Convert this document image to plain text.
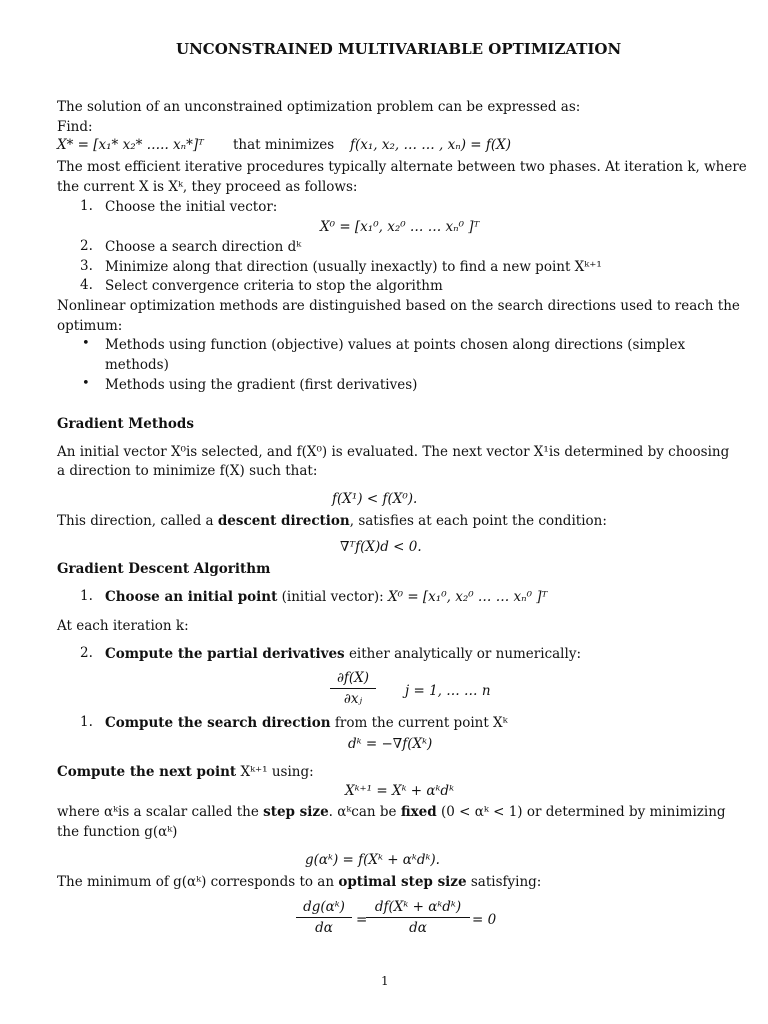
UNCONSTRAINED MULTIVARIABLE OPTIMIZATION
The solution of an unconstrained optimization problem can be expressed as:
Find:
X* = [x₁* x₂* ….. xₙ*]ᵀ that minimizes f(x₁, x₂, … … , xₙ) = f(X)
The most efficient iterative procedures typically alternate between two phases. At iteration k, where
the current X is Xᵏ, they proceed as follows:
1. Choose the initial vector:
X⁰ = [x₁⁰, x₂⁰ … … xₙ⁰ ]ᵀ
2. Choose a search direction dᵏ
3. Minimize along that direction (usually inexactly) to find a new point Xᵏ⁺¹
4. Select convergence criteria to stop the algorithm
Nonlinear optimization methods are distinguished based on the search directions used to reach the
optimum:
• Methods using function (objective) values at points chosen along directions (simplex
methods)
• Methods using the gradient (first derivatives)
Gradient Methods
An initial vector X⁰is selected, and f(X⁰) is evaluated. The next vector X¹is determined by choosing
a direction to minimize f(X) such that:
f(X¹) < f(X⁰).
This direction, called a descent direction, satisfies at each point the condition:
∇ᵀf(X)d < 0.
Gradient Descent Algorithm
1. Choose an initial point (initial vector): X⁰ = [x₁⁰, x₂⁰ … … xₙ⁰ ]ᵀ
At each iteration k:
2. Compute the partial derivatives either analytically or numerically:
∂f(X)
∂xⱼ	j = 1, … … n
1. Compute the search direction from the current point Xᵏ
dᵏ = −∇f(Xᵏ)
Compute the next point Xᵏ⁺¹ using:
Xᵏ⁺¹ = Xᵏ + αᵏdᵏ
where αᵏis a scalar called the step size. αᵏcan be fixed (0 < αᵏ < 1) or determined by minimizing
the function g(αᵏ)
g(αᵏ) = f(Xᵏ + αᵏdᵏ).
The minimum of g(αᵏ) corresponds to an optimal step size satisfying:
dg(αᵏ)
dα	=
df(Xᵏ + αᵏdᵏ)
dα	= 0
1
